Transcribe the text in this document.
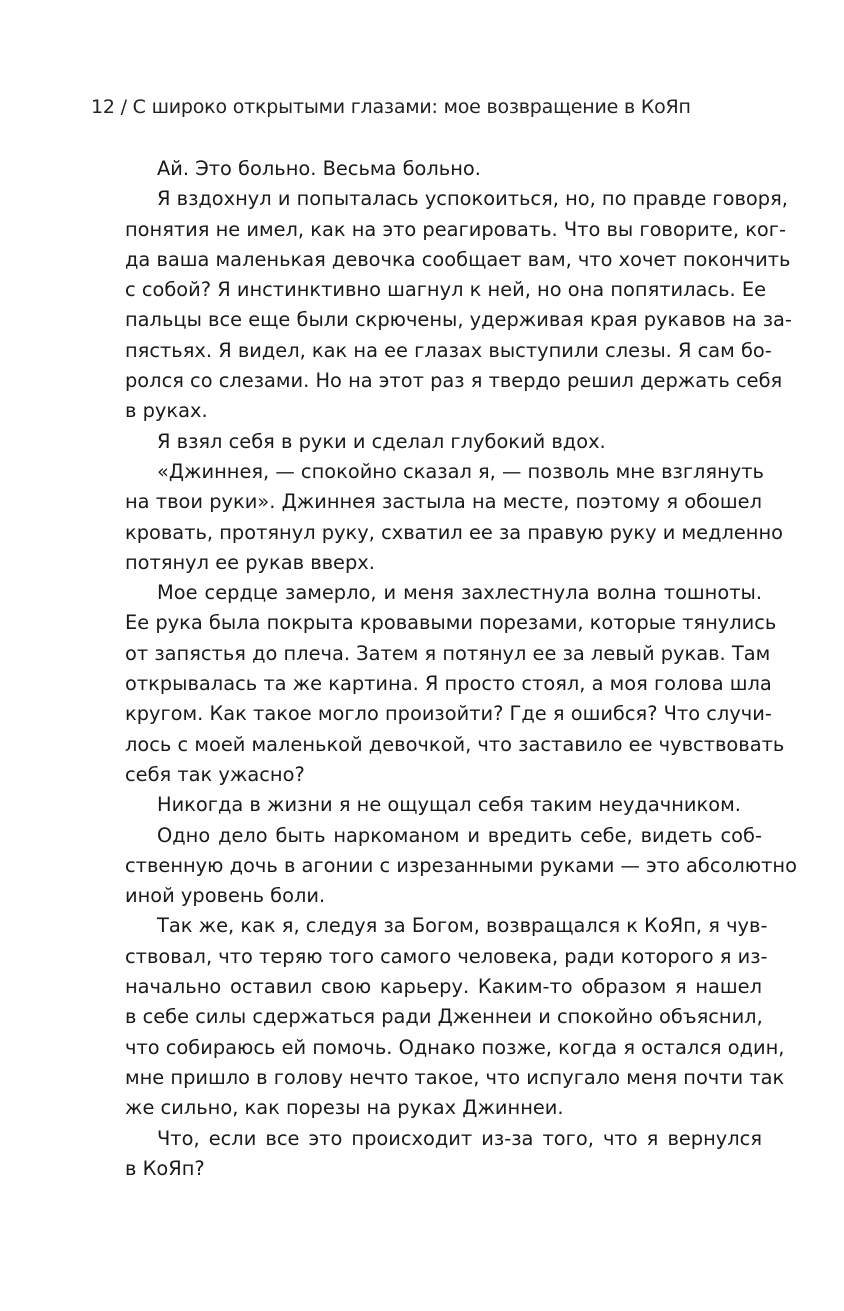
12 / С широко открытыми глазами: мое возвращение в КоЯп
Ай. Это больно. Весьма больно.
Я вздохнул и попыталась успокоиться, но, по правде говоря,
понятия не имел, как на это реагировать. Что вы говорите, ког-
да ваша маленькая девочка сообщает вам, что хочет покончить
с собой? Я инстинктивно шагнул к ней, но она попятилась. Ее
пальцы все еще были скрючены, удерживая края рукавов на за-
пястьях. Я видел, как на ее глазах выступили слезы. Я сам бо-
ролся со слезами. Но на этот раз я твердо решил держать себя
в руках.
Я взял себя в руки и сделал глубокий вдох.
«Джиннея, — спокойно сказал я, — позволь мне взглянуть
на твои руки». Джиннея застыла на месте, поэтому я обошел
кровать, протянул руку, схватил ее за правую руку и медленно
потянул ее рукав вверх.
Мое сердце замерло, и меня захлестнула волна тошноты.
Ее рука была покрыта кровавыми порезами, которые тянулись
от запястья до плеча. Затем я потянул ее за левый рукав. Там
открывалась та же картина. Я просто стоял, а моя голова шла
кругом. Как такое могло произойти? Где я ошибся? Что случи-
лось с моей маленькой девочкой, что заставило ее чувствовать
себя так ужасно?
Никогда в жизни я не ощущал себя таким неудачником.
Одно дело быть наркоманом и вредить себе, видеть соб-
ственную дочь в агонии с изрезанными руками — это абсолютно
иной уровень боли.
Так же, как я, следуя за Богом, возвращался к КоЯп, я чув-
ствовал, что теряю того самого человека, ради которого я из-
начально оставил свою карьеру. Каким-то образом я нашел
в себе силы сдержаться ради Дженнеи и спокойно объяснил,
что собираюсь ей помочь. Однако позже, когда я остался один,
мне пришло в голову нечто такое, что испугало меня почти так
же сильно, как порезы на руках Джиннеи.
Что, если все это происходит из-за того, что я вернулся
в КоЯп?
